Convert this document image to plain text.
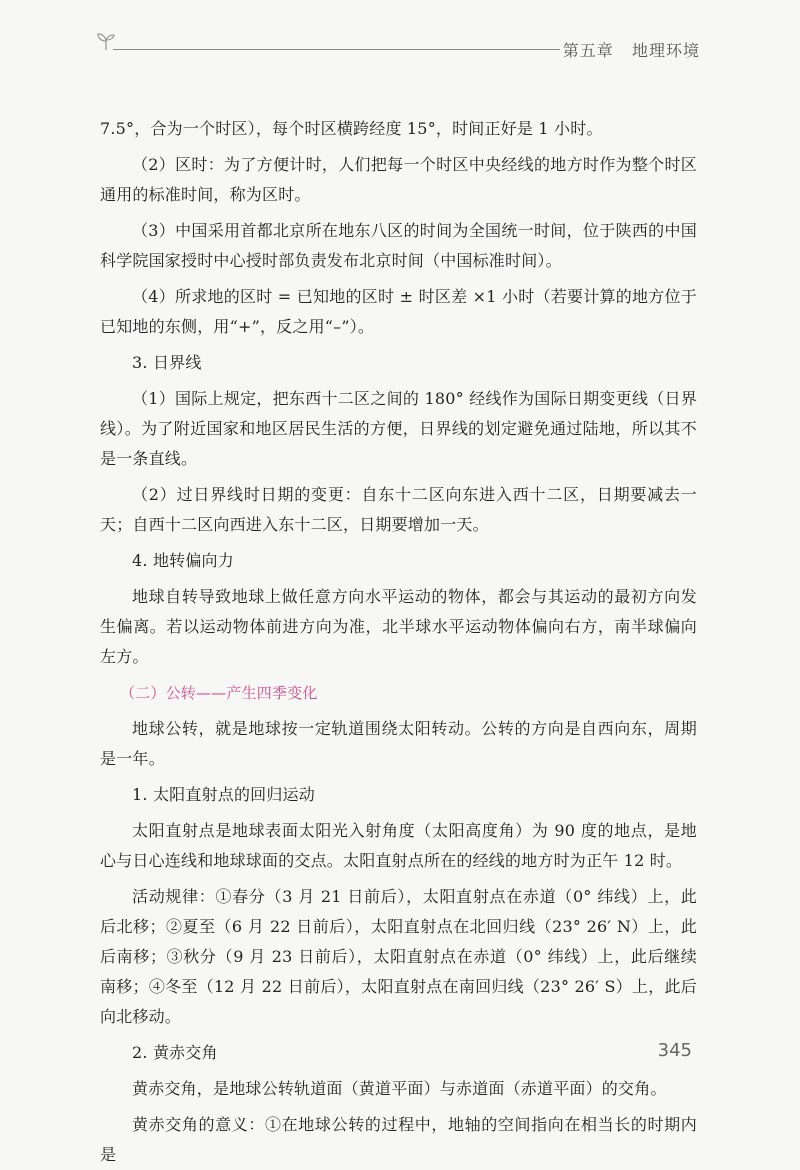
第五章 地理环境

7.5°，合为一个时区），每个时区横跨经度 15°，时间正好是 1 小时。

（2）区时：为了方便计时，人们把每一个时区中央经线的地方时作为整个时区通用的标准时间，称为区时。

（3）中国采用首都北京所在地东八区的时间为全国统一时间，位于陕西的中国科学院国家授时中心授时部负责发布北京时间（中国标准时间）。

（4）所求地的区时 = 已知地的区时 ± 时区差 ×1 小时（若要计算的地方位于已知地的东侧，用“+”，反之用“–”）。

3. 日界线

（1）国际上规定，把东西十二区之间的 180° 经线作为国际日期变更线（日界线）。为了附近国家和地区居民生活的方便，日界线的划定避免通过陆地，所以其不是一条直线。

（2）过日界线时日期的变更：自东十二区向东进入西十二区，日期要减去一天；自西十二区向西进入东十二区，日期要增加一天。

4. 地转偏向力

地球自转导致地球上做任意方向水平运动的物体，都会与其运动的最初方向发生偏离。若以运动物体前进方向为准，北半球水平运动物体偏向右方，南半球偏向左方。

（二）公转——产生四季变化

地球公转，就是地球按一定轨道围绕太阳转动。公转的方向是自西向东，周期是一年。

1. 太阳直射点的回归运动

太阳直射点是地球表面太阳光入射角度（太阳高度角）为 90 度的地点，是地心与日心连线和地球球面的交点。太阳直射点所在的经线的地方时为正午 12 时。

活动规律：①春分（3 月 21 日前后），太阳直射点在赤道（0° 纬线）上，此后北移；②夏至（6 月 22 日前后），太阳直射点在北回归线（23° 26′ N）上，此后南移；③秋分（9 月 23 日前后），太阳直射点在赤道（0° 纬线）上，此后继续南移；④冬至（12 月 22 日前后），太阳直射点在南回归线（23° 26′ S）上，此后向北移动。

2. 黄赤交角

黄赤交角，是地球公转轨道面（黄道平面）与赤道面（赤道平面）的交角。

黄赤交角的意义：①在地球公转的过程中，地轴的空间指向在相当长的时期内是

345
